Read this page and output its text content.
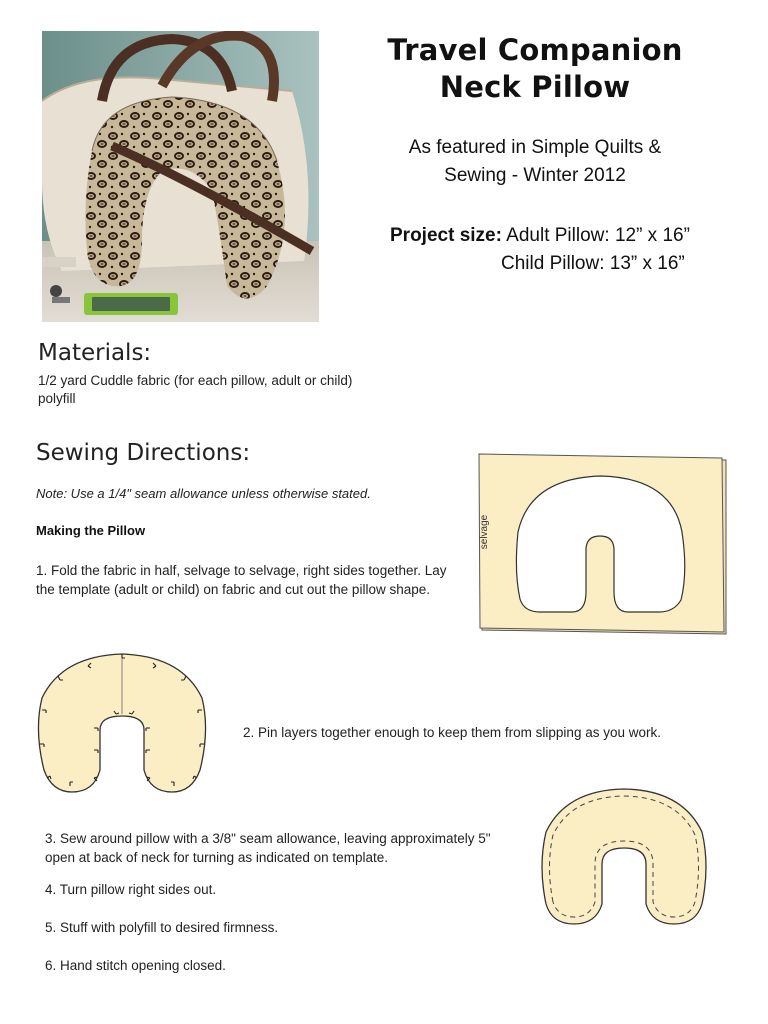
Travel Companion
Neck Pillow
As featured in Simple Quilts &
Sewing - Winter 2012
Project size: Adult Pillow: 12” x 16”
Child Pillow: 13” x 16”
Materials:
1/2 yard Cuddle fabric (for each pillow, adult or child)
polyfill
Sewing Directions:
Note: Use a 1/4" seam allowance unless otherwise stated.
Making the Pillow
1. Fold the fabric in half, selvage to selvage, right sides together. Lay the template (adult or child) on fabric and cut out the pillow shape.
selvage
2. Pin layers together enough to keep them from slipping as you work.
3. Sew around pillow with a 3/8" seam allowance, leaving approximately 5" open at back of neck for turning as indicated on template.
4. Turn pillow right sides out.
5. Stuff with polyfill to desired firmness.
6. Hand stitch opening closed.
